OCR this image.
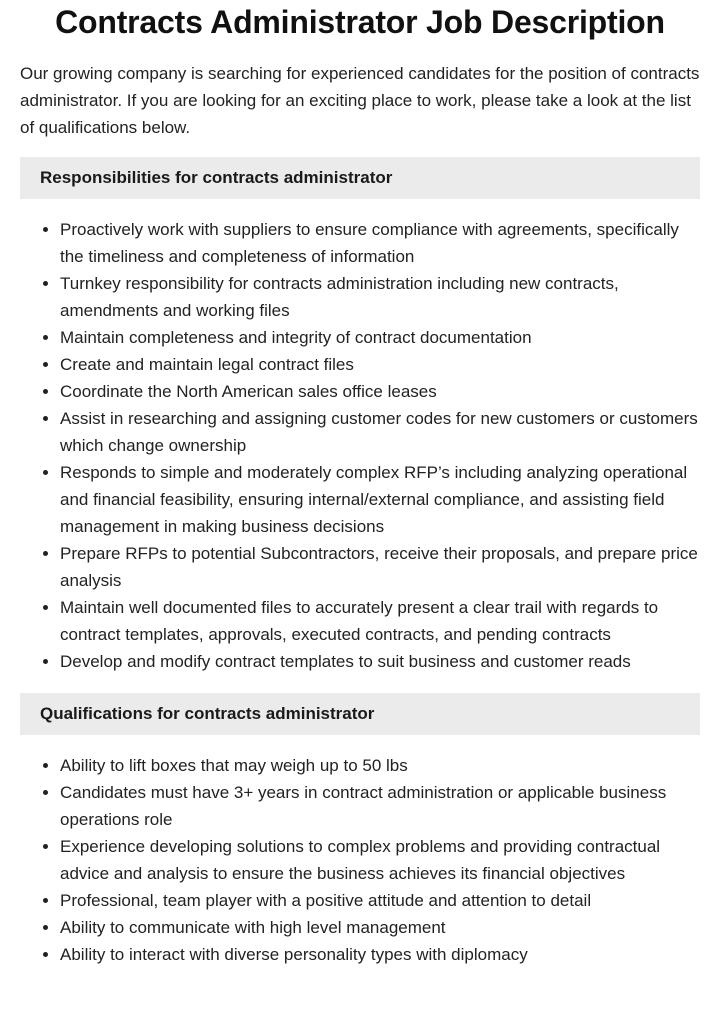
Contracts Administrator Job Description

Our growing company is searching for experienced candidates for the position of contracts administrator. If you are looking for an exciting place to work, please take a look at the list of qualifications below.

Responsibilities for contracts administrator
• Proactively work with suppliers to ensure compliance with agreements, specifically the timeliness and completeness of information
• Turnkey responsibility for contracts administration including new contracts, amendments and working files
• Maintain completeness and integrity of contract documentation
• Create and maintain legal contract files
• Coordinate the North American sales office leases
• Assist in researching and assigning customer codes for new customers or customers which change ownership
• Responds to simple and moderately complex RFP’s including analyzing operational and financial feasibility, ensuring internal/external compliance, and assisting field management in making business decisions
• Prepare RFPs to potential Subcontractors, receive their proposals, and prepare price analysis
• Maintain well documented files to accurately present a clear trail with regards to contract templates, approvals, executed contracts, and pending contracts
• Develop and modify contract templates to suit business and customer reads
Qualifications for contracts administrator
• Ability to lift boxes that may weigh up to 50 lbs
• Candidates must have 3+ years in contract administration or applicable business operations role
• Experience developing solutions to complex problems and providing contractual advice and analysis to ensure the business achieves its financial objectives
• Professional, team player with a positive attitude and attention to detail
• Ability to communicate with high level management
• Ability to interact with diverse personality types with diplomacy
